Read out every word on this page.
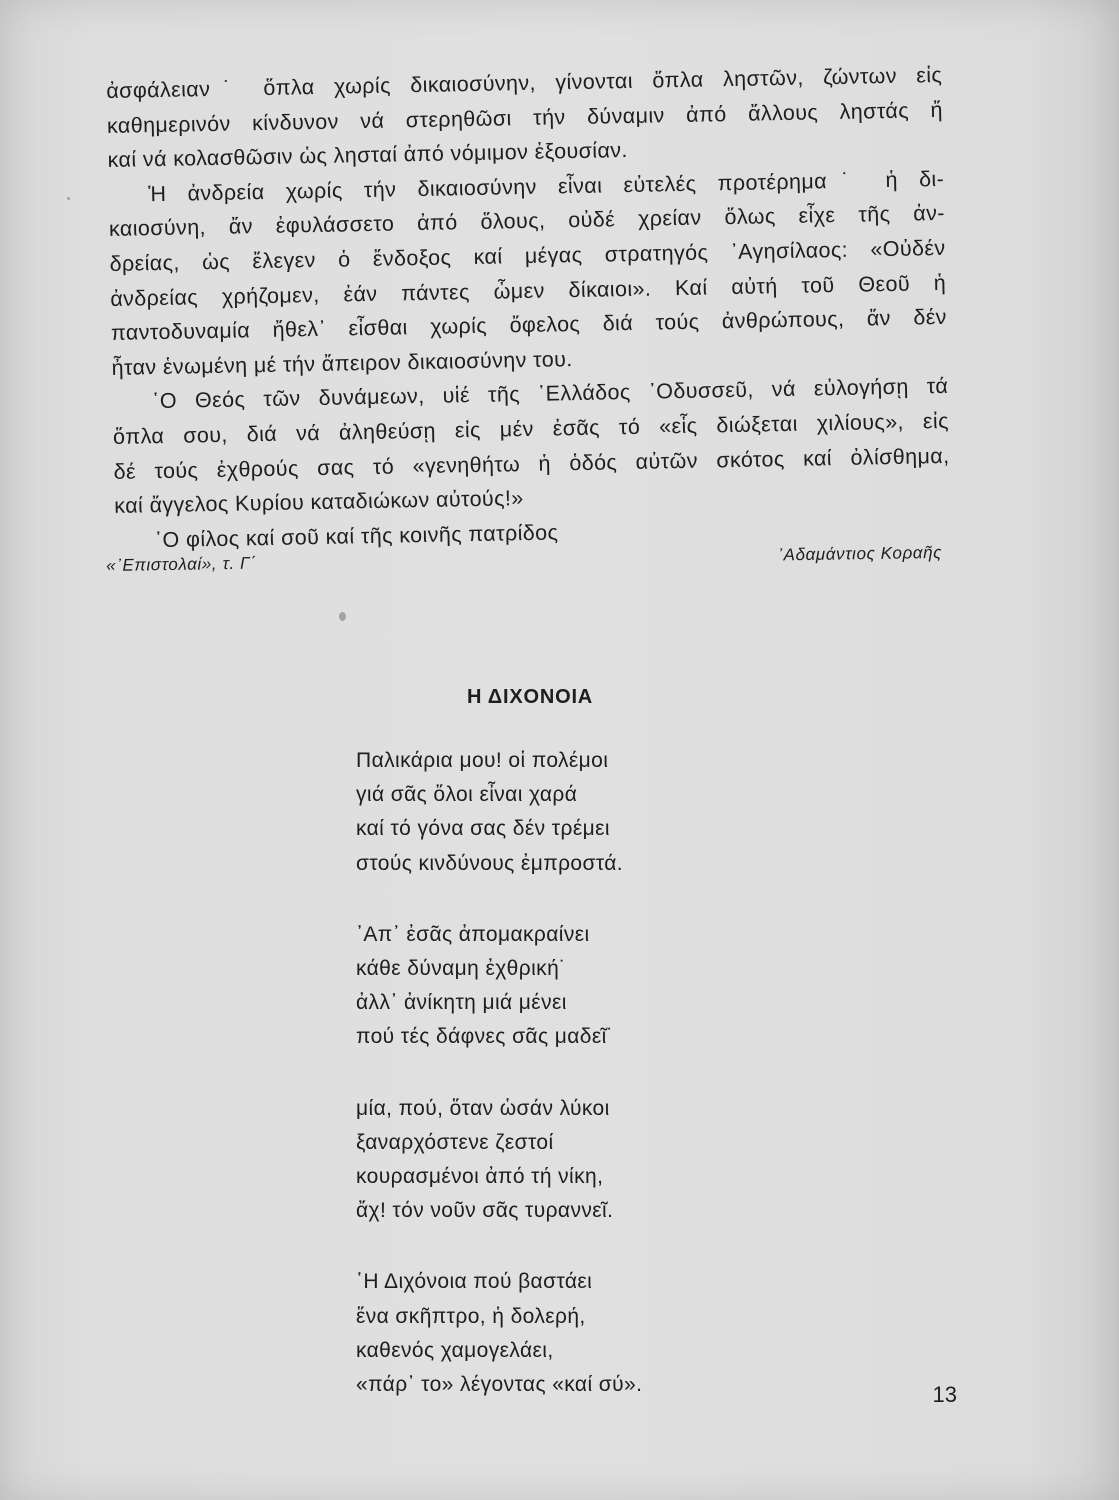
ἀσφάλειαν˙ ὅπλα χωρίς δικαιοσύνην, γίνονται ὅπλα ληστῶν, ζώντων εἰς
καθημερινόν κίνδυνον νά στερηθῶσι τήν δύναμιν ἀπό ἄλλους ληστάς ἤ
καί νά κολασθῶσιν ὡς λησταί ἀπό νόμιμον ἐξουσίαν.
Ἡ ἀνδρεία χωρίς τήν δικαιοσύνην εἶναι εὐτελές προτέρημα˙ ἡ δι-
καιοσύνη, ἄν ἐφυλάσσετο ἀπό ὅλους, οὐδέ χρείαν ὅλως εἶχε τῆς ἀν-
δρείας, ὡς ἔλεγεν ὁ ἔνδοξος καί μέγας στρατηγός ᾿Αγησίλαος: «Οὐδέν
ἀνδρείας χρήζομεν, ἐάν πάντες ὦμεν δίκαιοι». Καί αὐτή τοῦ Θεοῦ ἡ
παντοδυναμία ἤθελ᾿ εἶσθαι χωρίς ὄφελος διά τούς ἀνθρώπους, ἄν δέν
ἦταν ἑνωμένη μέ τήν ἄπειρον δικαιοσύνην του.
῾Ο Θεός τῶν δυνάμεων, υἱέ τῆς ῾Ελλάδος ᾿Οδυσσεῦ, νά εὐλογήσῃ τά
ὅπλα σου, διά νά ἀληθεύσῃ εἰς μέν ἐσᾶς τό «εἷς διώξεται χιλίους», εἰς
δέ τούς ἐχθρούς σας τό «γενηθήτω ἡ ὁδός αὐτῶν σκότος καί ὀλίσθημα,
καί ἄγγελος Κυρίου καταδιώκων αὐτούς!»
῾Ο φίλος καί σοῦ καί τῆς κοινῆς πατρίδος
«᾿Επιστολαί», τ. Γ΄	᾿Αδαμάντιος Κοραῆς
Η ΔΙΧΟΝΟΙΑ
Παλικάρια μου! οἱ πολέμοι
γιά σᾶς ὅλοι εἶναι χαρά
καί τό γόνα σας δέν τρέμει
στούς κινδύνους ἐμπροστά.
᾿Απ᾿ ἐσᾶς ἀπομακραίνει
κάθε δύναμη ἐχθρική˙
ἀλλ᾿ ἀνίκητη μιά μένει
πού τές δάφνες σᾶς μαδεῖ˙
μία, πού, ὅταν ὡσάν λύκοι
ξαναρχόστενε ζεστοί
κουρασμένοι ἀπό τή νίκη,
ἄχ! τόν νοῦν σᾶς τυραννεῖ.
῾Η Διχόνοια πού βαστάει
ἕνα σκῆπτρο, ἡ δολερή,
καθενός χαμογελάει,
«πάρ᾿ το» λέγοντας «καί σύ».	13
